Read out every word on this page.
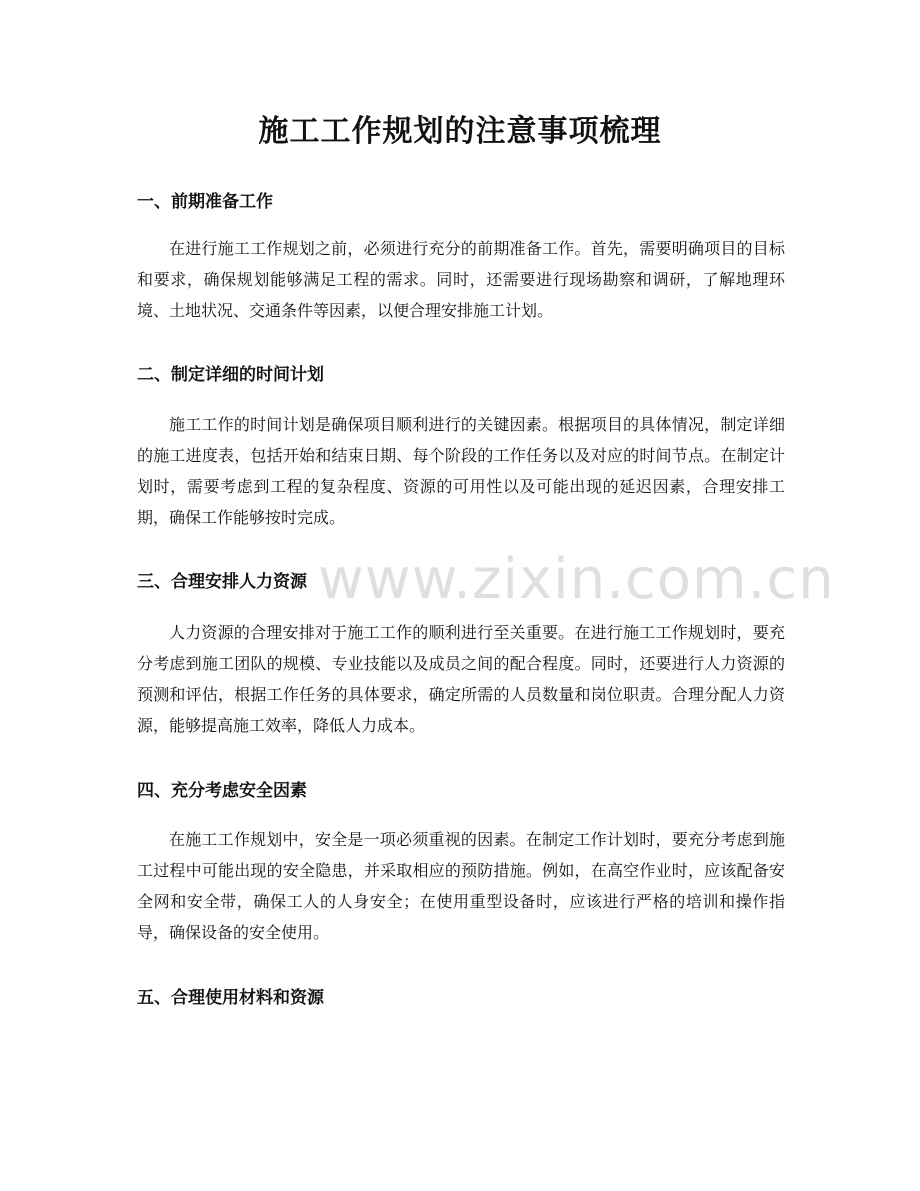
施工工作规划的注意事项梳理
一、前期准备工作

在进行施工工作规划之前，必须进行充分的前期准备工作。首先，需要明确项目的目标和要求，确保规划能够满足工程的需求。同时，还需要进行现场勘察和调研，了解地理环境、土地状况、交通条件等因素，以便合理安排施工计划。

二、制定详细的时间计划

施工工作的时间计划是确保项目顺利进行的关键因素。根据项目的具体情况，制定详细的施工进度表，包括开始和结束日期、每个阶段的工作任务以及对应的时间节点。在制定计划时，需要考虑到工程的复杂程度、资源的可用性以及可能出现的延迟因素，合理安排工期，确保工作能够按时完成。

三、合理安排人力资源

人力资源的合理安排对于施工工作的顺利进行至关重要。在进行施工工作规划时，要充分考虑到施工团队的规模、专业技能以及成员之间的配合程度。同时，还要进行人力资源的预测和评估，根据工作任务的具体要求，确定所需的人员数量和岗位职责。合理分配人力资源，能够提高施工效率，降低人力成本。

四、充分考虑安全因素

在施工工作规划中，安全是一项必须重视的因素。在制定工作计划时，要充分考虑到施工过程中可能出现的安全隐患，并采取相应的预防措施。例如，在高空作业时，应该配备安全网和安全带，确保工人的人身安全；在使用重型设备时，应该进行严格的培训和操作指导，确保设备的安全使用。

五、合理使用材料和资源
www.zixin.com.cn
